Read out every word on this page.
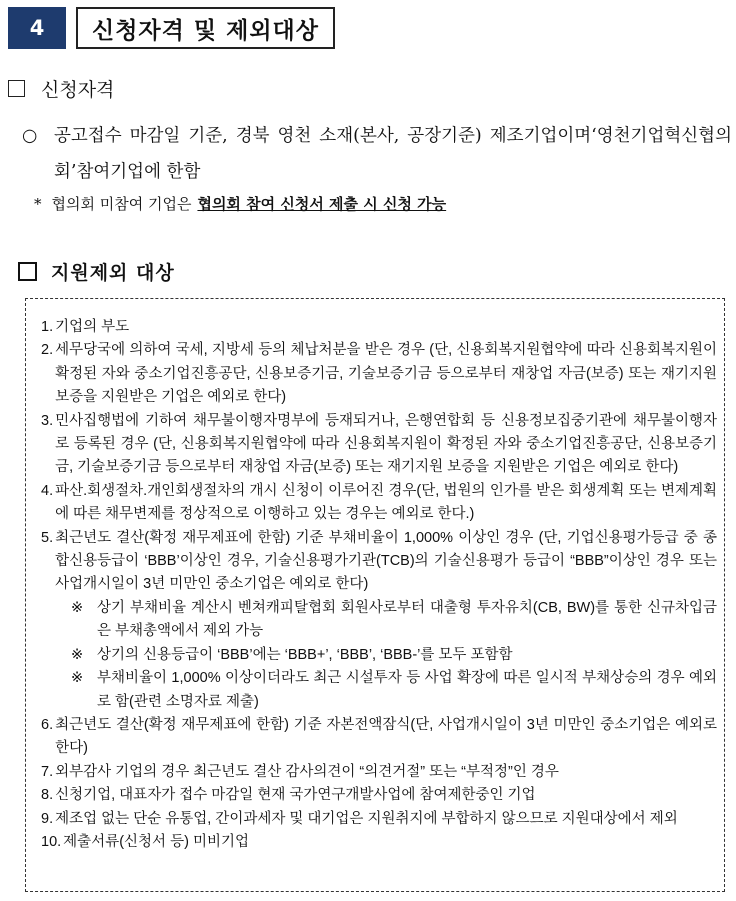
4	신청자격 및 제외대상
신청자격
○ 공고접수 마감일 기준, 경북 영천 소재(본사, 공장기준) 제조기업이며‘영천기업혁신협의회’참여기업에 한함
* 협의회 미참여 기업은 협의회 참여 신청서 제출 시 신청 가능
지원제외 대상
1. 기업의 부도
2. 세무당국에 의하여 국세, 지방세 등의 체납처분을 받은 경우 (단, 신용회복지원협약에 따라 신용회복지원이 확정된 자와 중소기업진흥공단, 신용보증기금, 기술보증기금 등으로부터 재창업 자금(보증) 또는 재기지원 보증을 지원받은 기업은 예외로 한다)
3. 민사집행법에 기하여 채무불이행자명부에 등재되거나, 은행연합회 등 신용정보집중기관에 채무불이행자로 등록된 경우 (단, 신용회복지원협약에 따라 신용회복지원이 확정된 자와 중소기업진흥공단, 신용보증기금, 기술보증기금 등으로부터 재창업 자금(보증) 또는 재기지원 보증을 지원받은 기업은 예외로 한다)
4. 파산.회생절차.개인회생절차의 개시 신청이 이루어진 경우(단, 법원의 인가를 받은 회생계획 또는 변제계획에 따른 채무변제를 정상적으로 이행하고 있는 경우는 예외로 한다.)
5. 최근년도 결산(확정 재무제표에 한함) 기준 부채비율이 1,000% 이상인 경우 (단, 기업신용평가등급 중 종합신용등급이 ‘BBB’이상인 경우, 기술신용평가기관(TCB)의 기술신용평가 등급이 “BBB”이상인 경우 또는 사업개시일이 3년 미만인 중소기업은 예외로 한다)
※ 상기 부채비율 계산시 벤쳐캐피탈협회 회원사로부터 대출형 투자유치(CB, BW)를 통한 신규차입금은 부채총액에서 제외 가능
※ 상기의 신용등급이 ‘BBB’에는 ‘BBB+’, ‘BBB’, ‘BBB-’를 모두 포함함
※ 부채비율이 1,000% 이상이더라도 최근 시설투자 등 사업 확장에 따른 일시적 부채상승의 경우 예외로 함(관련 소명자료 제출)
6. 최근년도 결산(확정 재무제표에 한함) 기준 자본전액잠식(단, 사업개시일이 3년 미만인 중소기업은 예외로 한다)
7. 외부감사 기업의 경우 최근년도 결산 감사의견이 “의견거절” 또는 “부적정”인 경우
8. 신청기업, 대표자가 접수 마감일 현재 국가연구개발사업에 참여제한중인 기업
9. 제조업 없는 단순 유통업, 간이과세자 및 대기업은 지원취지에 부합하지 않으므로 지원대상에서 제외
10. 제출서류(신청서 등) 미비기업
